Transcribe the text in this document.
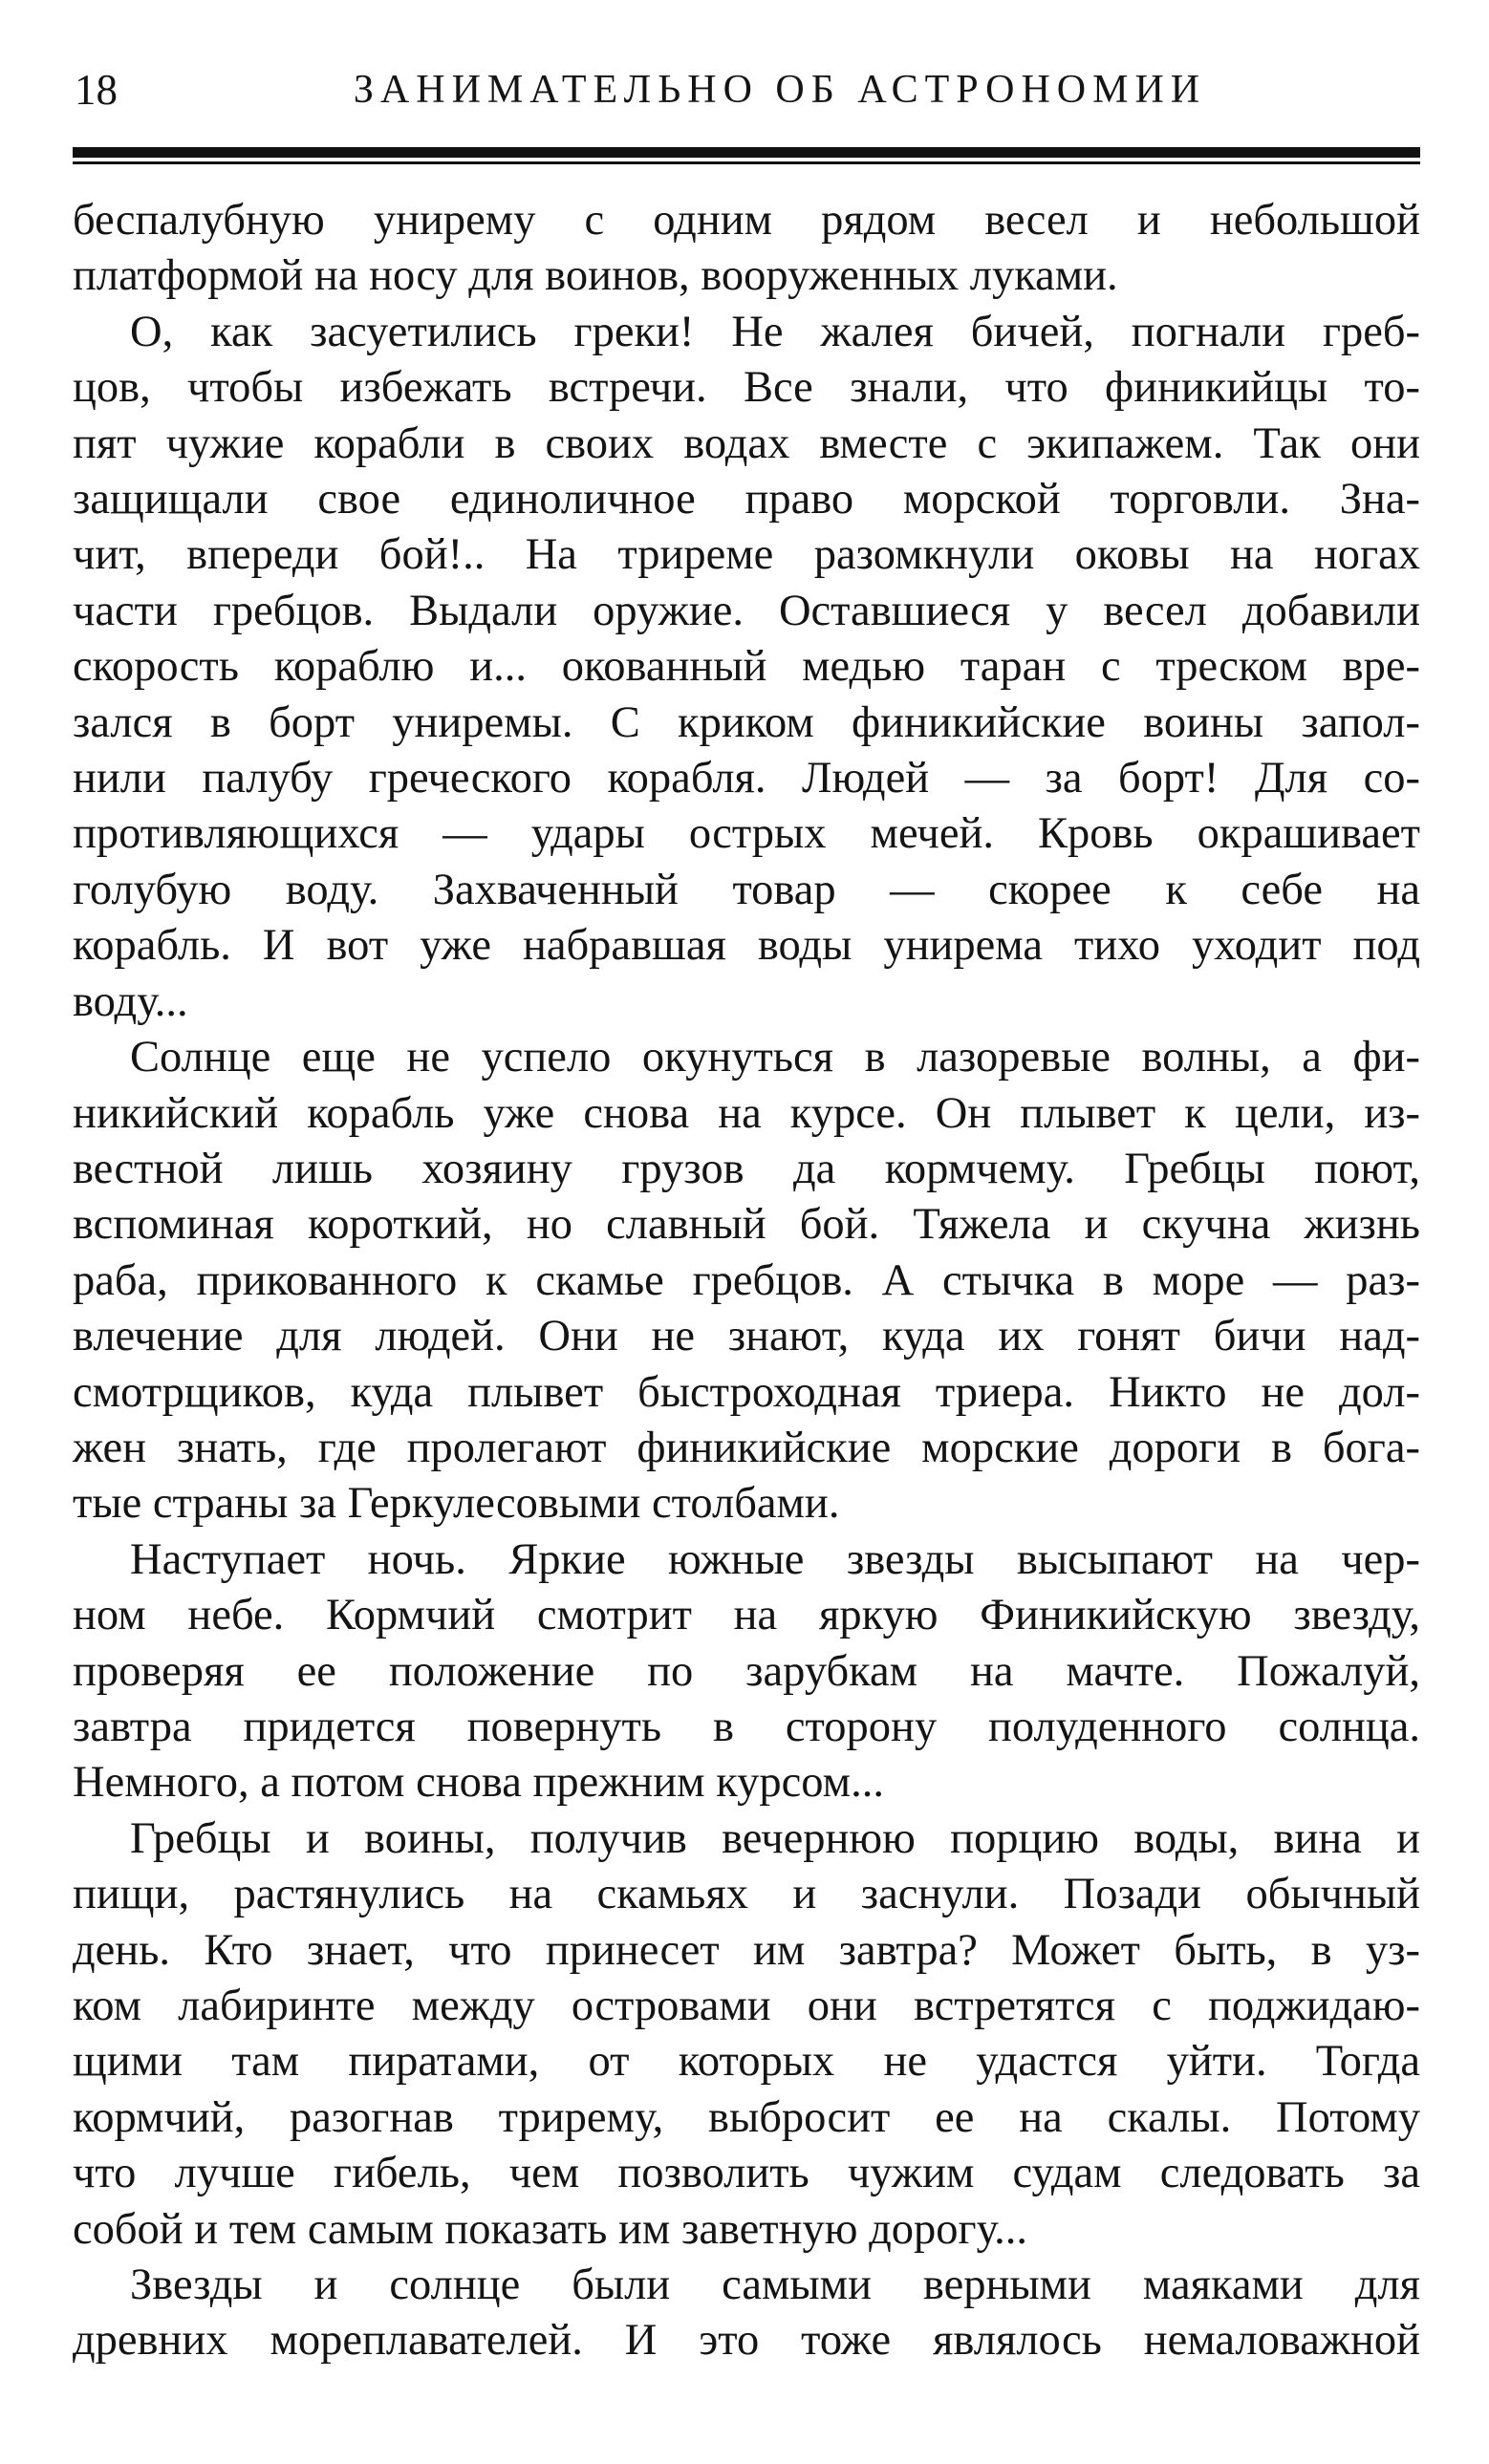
18	ЗАНИМАТЕЛЬНО ОБ АСТРОНОМИИ

беспалубную унирему с одним рядом весел и небольшой
платформой на носу для воинов, вооруженных луками.

О, как засуетились греки! Не жалея бичей, погнали греб-
цов, чтобы избежать встречи. Все знали, что финикийцы то-
пят чужие корабли в своих водах вместе с экипажем. Так они
защищали свое единоличное право морской торговли. Зна-
чит, впереди бой!.. На триреме разомкнули оковы на ногах
части гребцов. Выдали оружие. Оставшиеся у весел добавили
скорость кораблю и... окованный медью таран с треском вре-
зался в борт униремы. С криком финикийские воины запол-
нили палубу греческого корабля. Людей — за борт! Для со-
противляющихся — удары острых мечей. Кровь окрашивает
голубую воду. Захваченный товар — скорее к себе на
корабль. И вот уже набравшая воды унирема тихо уходит под
воду...

Солнце еще не успело окунуться в лазоревые волны, а фи-
никийский корабль уже снова на курсе. Он плывет к цели, из-
вестной лишь хозяину грузов да кормчему. Гребцы поют,
вспоминая короткий, но славный бой. Тяжела и скучна жизнь
раба, прикованного к скамье гребцов. А стычка в море — раз-
влечение для людей. Они не знают, куда их гонят бичи над-
смотрщиков, куда плывет быстроходная триера. Никто не дол-
жен знать, где пролегают финикийские морские дороги в бога-
тые страны за Геркулесовыми столбами.

Наступает ночь. Яркие южные звезды высыпают на чер-
ном небе. Кормчий смотрит на яркую Финикийскую звезду,
проверяя ее положение по зарубкам на мачте. Пожалуй,
завтра придется повернуть в сторону полуденного солнца.
Немного, а потом снова прежним курсом...

Гребцы и воины, получив вечернюю порцию воды, вина и
пищи, растянулись на скамьях и заснули. Позади обычный
день. Кто знает, что принесет им завтра? Может быть, в уз-
ком лабиринте между островами они встретятся с поджидаю-
щими там пиратами, от которых не удастся уйти. Тогда
кормчий, разогнав трирему, выбросит ее на скалы. Потому
что лучше гибель, чем позволить чужим судам следовать за
собой и тем самым показать им заветную дорогу...

Звезды и солнце были самыми верными маяками для
древних мореплавателей. И это тоже являлось немаловажной
